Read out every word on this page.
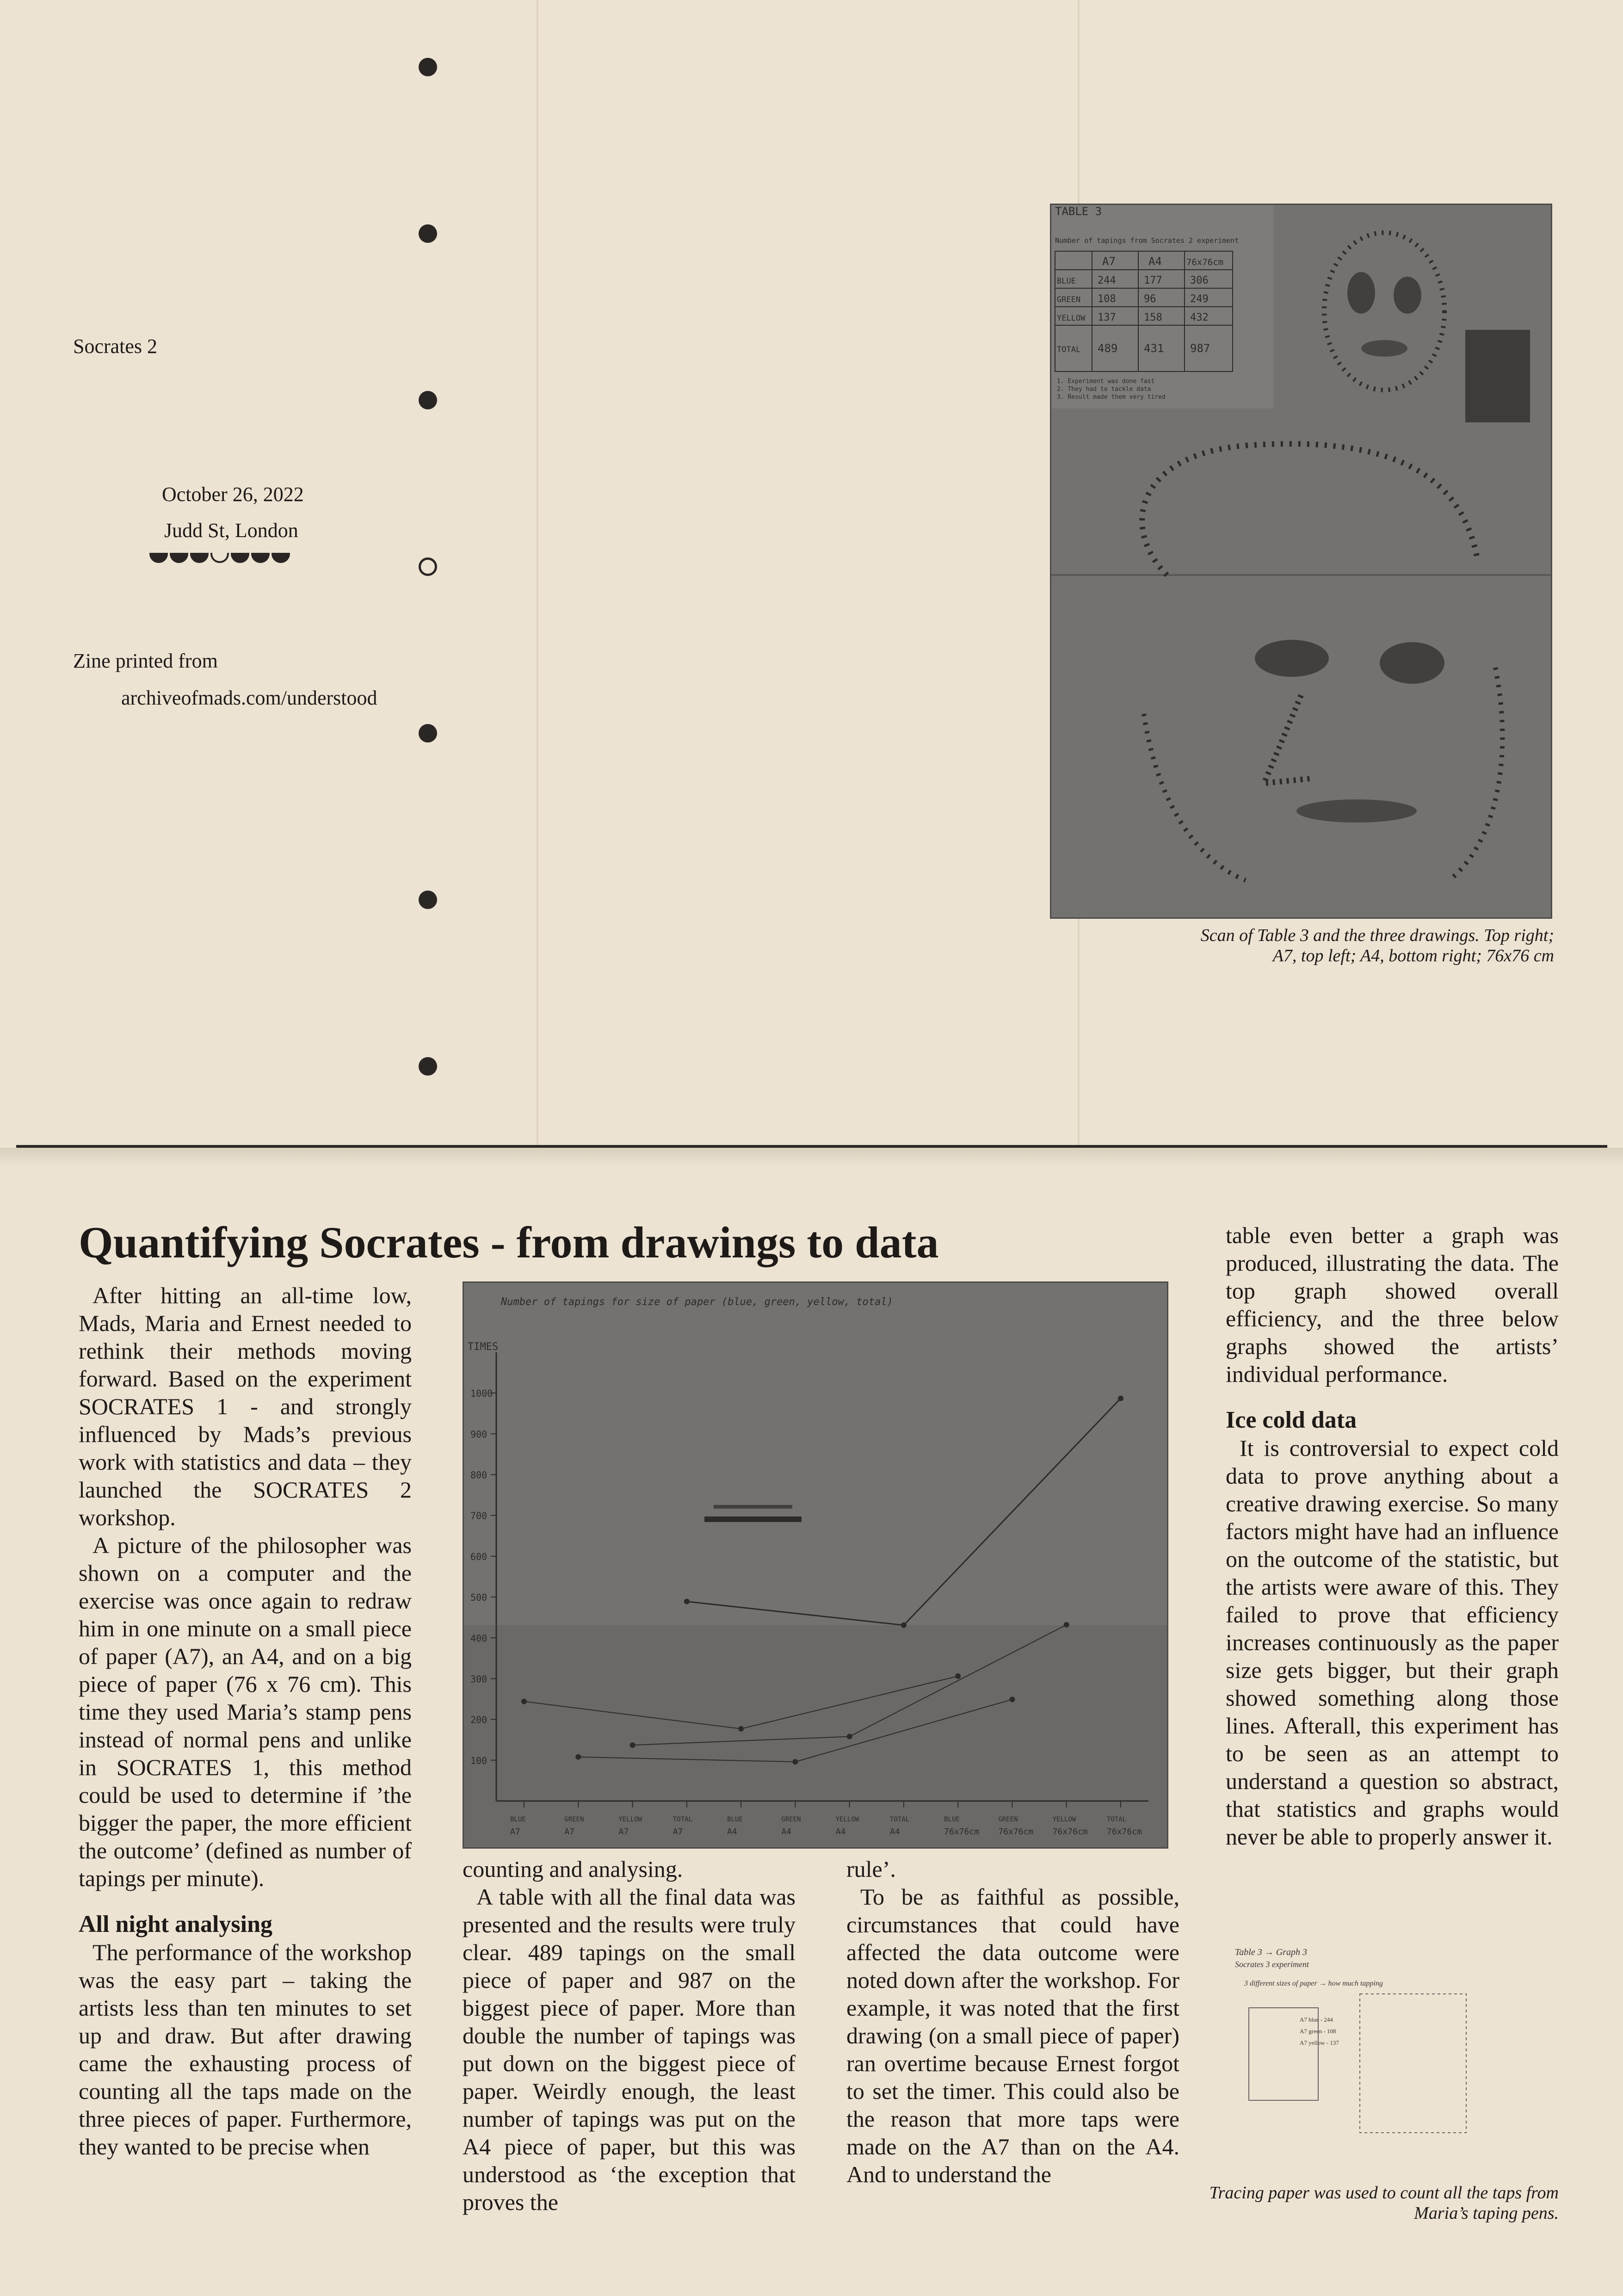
Socrates 2
October 26, 2022
Judd St, London
Zine printed from
archiveofmads.com/understood
TABLE 3
Number of tapings from Socrates 2 experiment
A7	A4	76x76cm
BLUE 244	177	306
GREEN 108	96	249
YELLOW 137	158	432
TOTAL 489 431 987
1. Experiment was done fast
2. They had to tackle data
3. Result made them very tired
Scan of Table 3 and the three drawings. Top right; A7, top left; A4, bottom right; 76x76 cm
Quantifying Socrates - from drawings to data

After hitting an all-time low, Mads, Maria and Ernest needed to rethink their methods moving forward. Based on the experiment SOCRATES 1 - and strongly influenced by Mads’s previous work with statistics and data – they launched the SOCRATES 2 workshop.

A picture of the philosopher was shown on a computer and the exercise was once again to redraw him in one minute on a small piece of paper (A7), an A4, and on a big piece of paper (76 x 76 cm). This time they used Maria’s stamp pens instead of normal pens and unlike in SOCRATES 1, this method could be used to determine if ’the bigger the paper, the more efficient the outcome’ (defined as number of tapings per minute).

All night analysing

The performance of the workshop was the easy part – taking the artists less than ten minutes to set up and draw. But after drawing came the exhausting process of counting all the taps made on the three pieces of paper. Furthermore, they wanted to be precise when

Number of tapings for size of paper (blue, green, yellow, total)
TIMES
100
200
300
400
500
600
700
800
900
1000
BLUE
A7
GREEN
A7
YELLOW
A7
TOTAL
A7
BLUE
A4
GREEN
A4
YELLOW
A4
TOTAL
A4
BLUE
76x76cm
GREEN
76x76cm
YELLOW
76x76cm
TOTAL
76x76cm

counting and analysing.

A table with all the final data was presented and the results were truly clear. 489 tapings on the small piece of paper and 987 on the biggest piece of paper. More than double the number of tapings was put down on the biggest piece of paper. Weirdly enough, the least number of tapings was put on the A4 piece of paper, but this was understood as ‘the exception that proves the

rule’.

To be as faithful as possible, circumstances that could have affected the data outcome were noted down after the workshop. For example, it was noted that the first drawing (on a small piece of paper) ran overtime because Ernest forgot to set the timer. This could also be the reason that more taps were made on the A7 than on the A4. And to understand the

table even better a graph was produced, illustrating the data. The top graph showed overall efficiency, and the three below graphs showed the artists’ individual performance.

Ice cold data

It is controversial to expect cold data to prove anything about a creative drawing exercise. So many factors might have had an influence on the outcome of the statistic, but the artists were aware of this. They failed to prove that efficiency increases continuously as the paper size gets bigger, but their graph showed something along those lines. Afterall, this experiment has to be seen as an attempt to understand a question so abstract, that statistics and graphs would never be able to properly answer it.

Table 3 → Graph 3
Socrates 3 experiment
3 different sizes of paper → how much tapping
A7 blue - 244
A7 green - 108
A7 yellow - 137
Tracing paper was used to count all the taps from Maria’s taping pens.
